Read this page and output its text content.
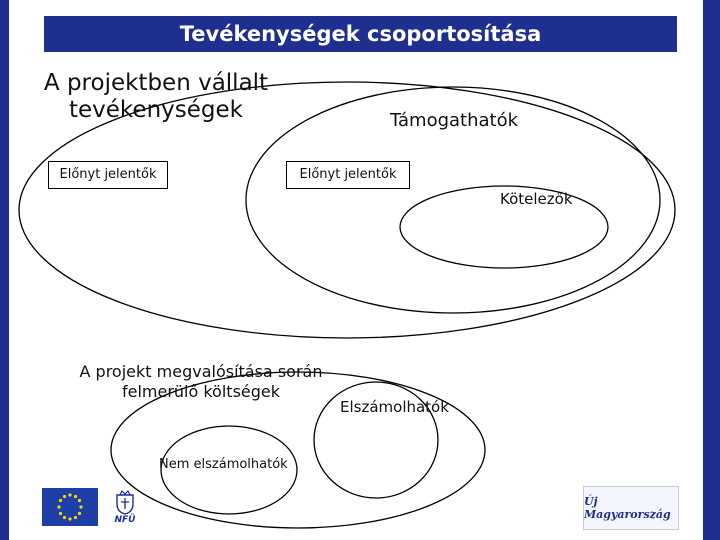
Tevékenységek csoportosítása
A projektben vállalt
tevékenységek	Támogathatók
Kötelezők
Előnyt jelentők	Előnyt jelentők
A projekt megvalósítása során
felmerülő költségek
Elszámolhatók
Nem elszámolhatók
NFÜ
Új Magyarország
